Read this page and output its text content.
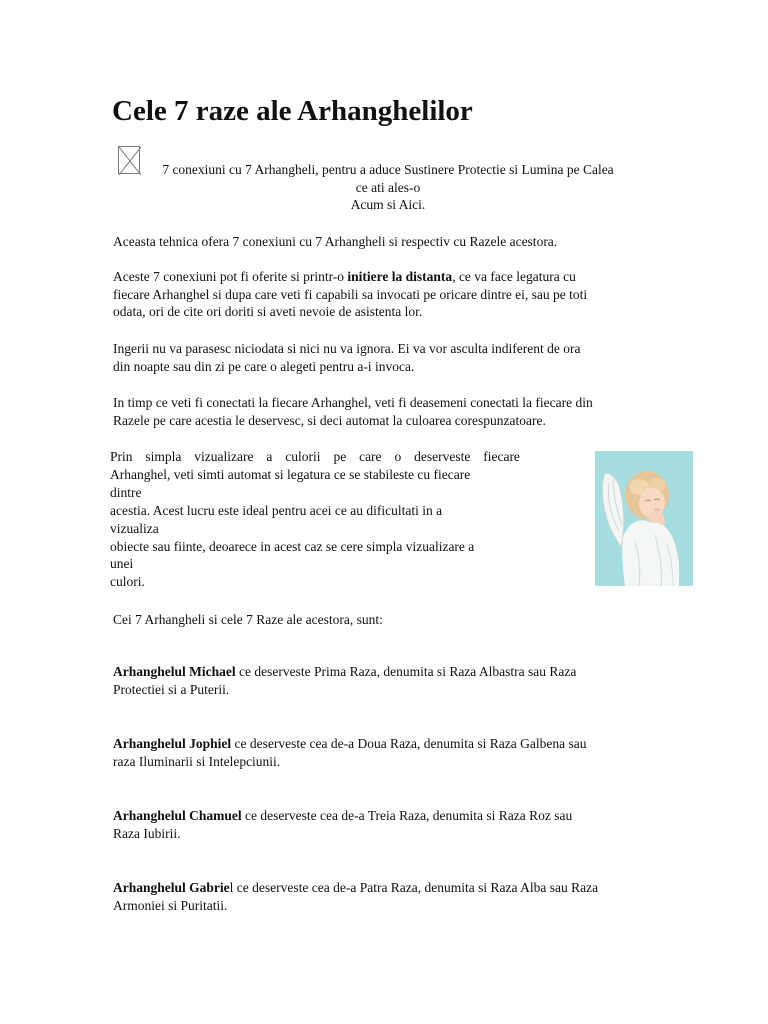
Cele 7 raze ale Arhanghelilor

7 conexiuni cu 7 Arhangheli, pentru a aduce Sustinere Protectie si Lumina pe Calea
ce ati ales-o
Acum si Aici.

Aceasta tehnica ofera 7 conexiuni cu 7 Arhangheli si respectiv cu Razele acestora.

Aceste 7 conexiuni pot fi oferite si printr-o initiere la distanta, ce va face legatura cu
fiecare Arhanghel si dupa care veti fi capabili sa invocati pe oricare dintre ei, sau pe toti
odata, ori de cite ori doriti si aveti nevoie de asistenta lor.

Ingerii nu va parasesc niciodata si nici nu va ignora. Ei va vor asculta indiferent de ora
din noapte sau din zi pe care o alegeti pentru a-i invoca.

In timp ce veti fi conectati la fiecare Arhanghel, veti fi deasemeni conectati la fiecare din
Razele pe care acestia le deservesc, si deci automat la culoarea corespunzatoare.

Prin simpla vizualizare a culorii pe care o deserveste fiecare
Arhanghel, veti simti automat si legatura ce se stabileste cu fiecare
dintre
acestia. Acest lucru este ideal pentru acei ce au dificultati in a
vizualiza
obiecte sau fiinte, deoarece in acest caz se cere simpla vizualizare a
unei
culori.

Cei 7 Arhangheli si cele 7 Raze ale acestora, sunt:

Arhanghelul Michael ce deserveste Prima Raza, denumita si Raza Albastra sau Raza
Protectiei si a Puterii.

Arhanghelul Jophiel ce deserveste cea de-a Doua Raza, denumita si Raza Galbena sau
raza Iluminarii si Intelepciunii.

Arhanghelul Chamuel ce deserveste cea de-a Treia Raza, denumita si Raza Roz sau
Raza Iubirii.

Arhanghelul Gabriel ce deserveste cea de-a Patra Raza, denumita si Raza Alba sau Raza
Armoniei si Puritatii.
